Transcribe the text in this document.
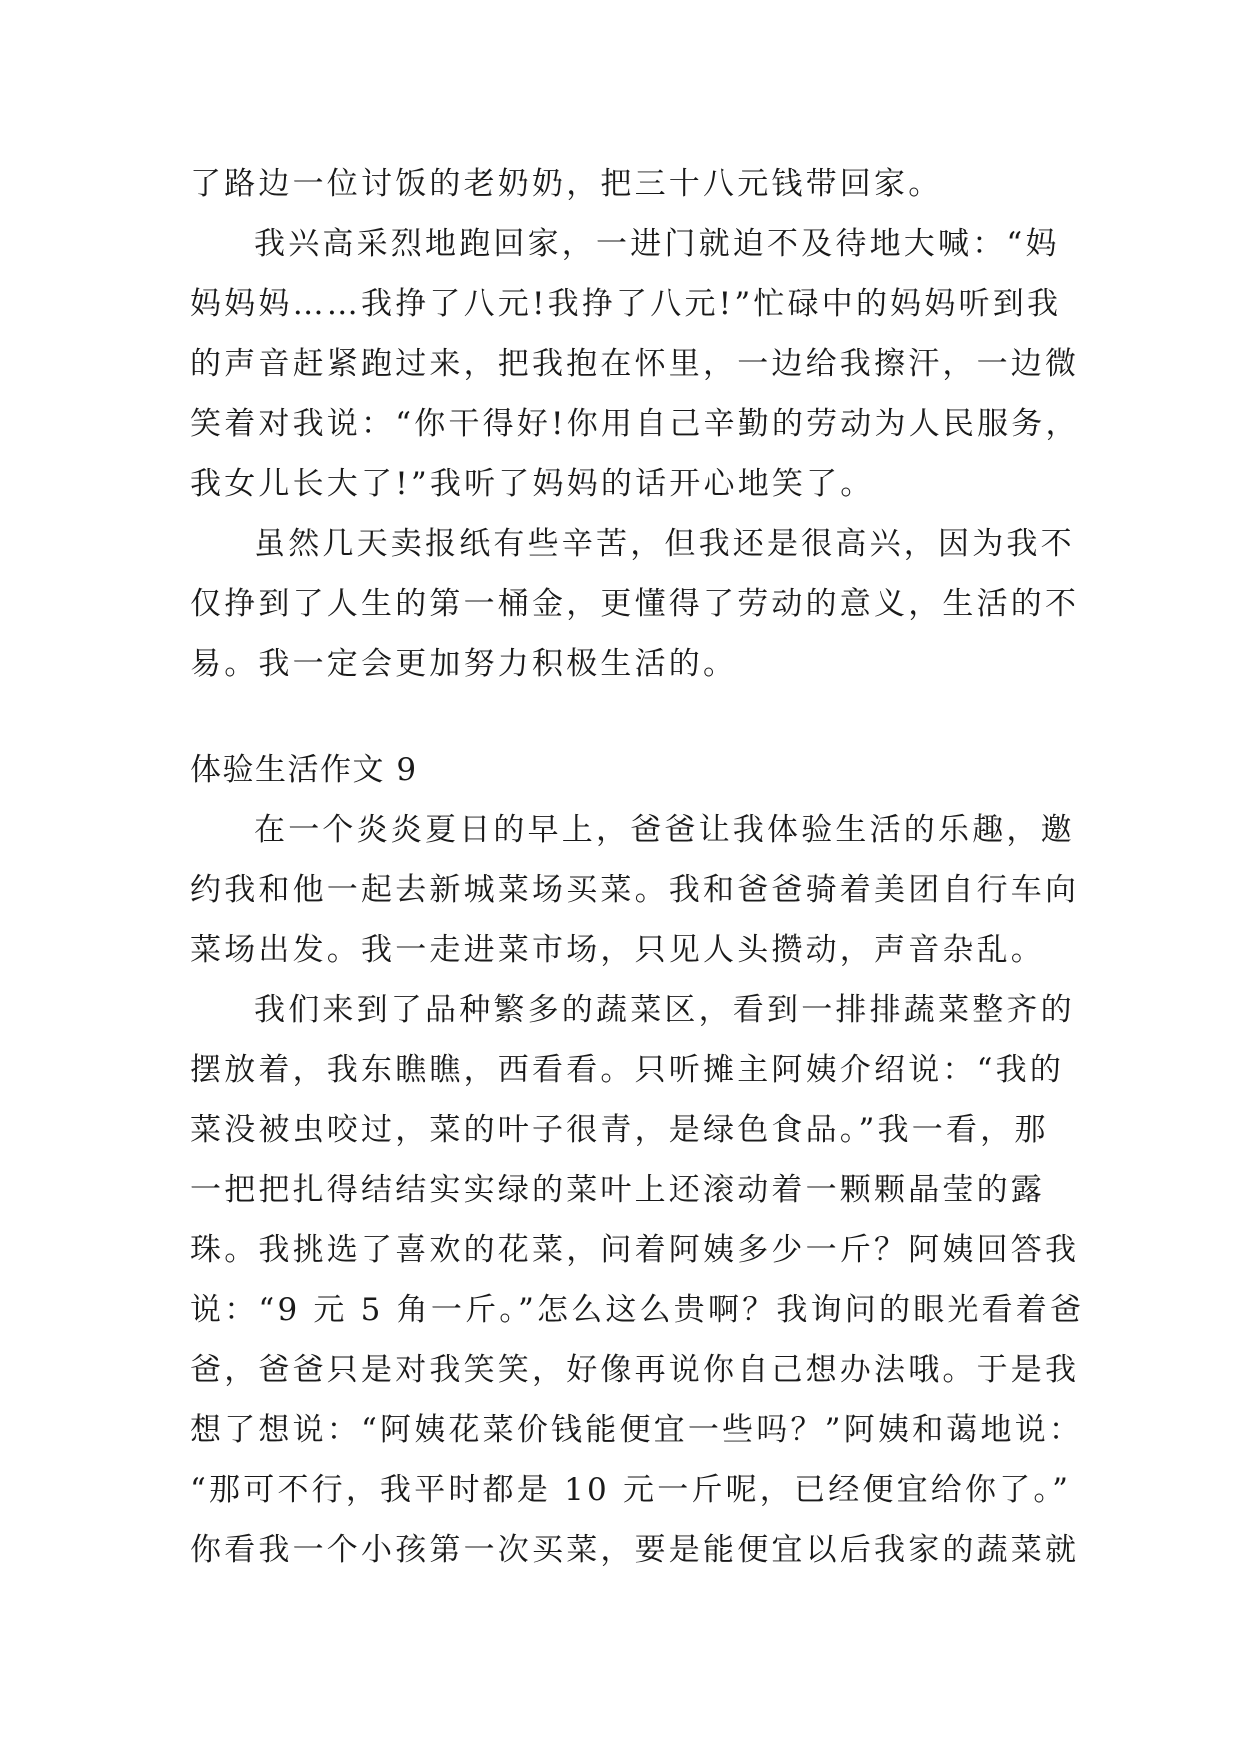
了路边一位讨饭的老奶奶，把三十八元钱带回家。
我兴高采烈地跑回家，一进门就迫不及待地大喊：“妈
妈妈妈……我挣了八元!我挣了八元!”忙碌中的妈妈听到我
的声音赶紧跑过来，把我抱在怀里，一边给我擦汗，一边微
笑着对我说：“你干得好!你用自己辛勤的劳动为人民服务，
我女儿长大了!”我听了妈妈的话开心地笑了。
虽然几天卖报纸有些辛苦，但我还是很高兴，因为我不
仅挣到了人生的第一桶金，更懂得了劳动的意义，生活的不
易。我一定会更加努力积极生活的。
体验生活作文 9
在一个炎炎夏日的早上，爸爸让我体验生活的乐趣，邀
约我和他一起去新城菜场买菜。我和爸爸骑着美团自行车向
菜场出发。我一走进菜市场，只见人头攒动，声音杂乱。
我们来到了品种繁多的蔬菜区，看到一排排蔬菜整齐的
摆放着，我东瞧瞧，西看看。只听摊主阿姨介绍说：“我的
菜没被虫咬过，菜的叶子很青，是绿色食品。”我一看，那
一把把扎得结结实实绿的菜叶上还滚动着一颗颗晶莹的露
珠。我挑选了喜欢的花菜，问着阿姨多少一斤？阿姨回答我
说：“9 元 5 角一斤。”怎么这么贵啊？我询问的眼光看着爸
爸，爸爸只是对我笑笑，好像再说你自己想办法哦。于是我
想了想说：“阿姨花菜价钱能便宜一些吗？”阿姨和蔼地说：
“那可不行，我平时都是 10 元一斤呢，已经便宜给你了。”
你看我一个小孩第一次买菜，要是能便宜以后我家的蔬菜就
